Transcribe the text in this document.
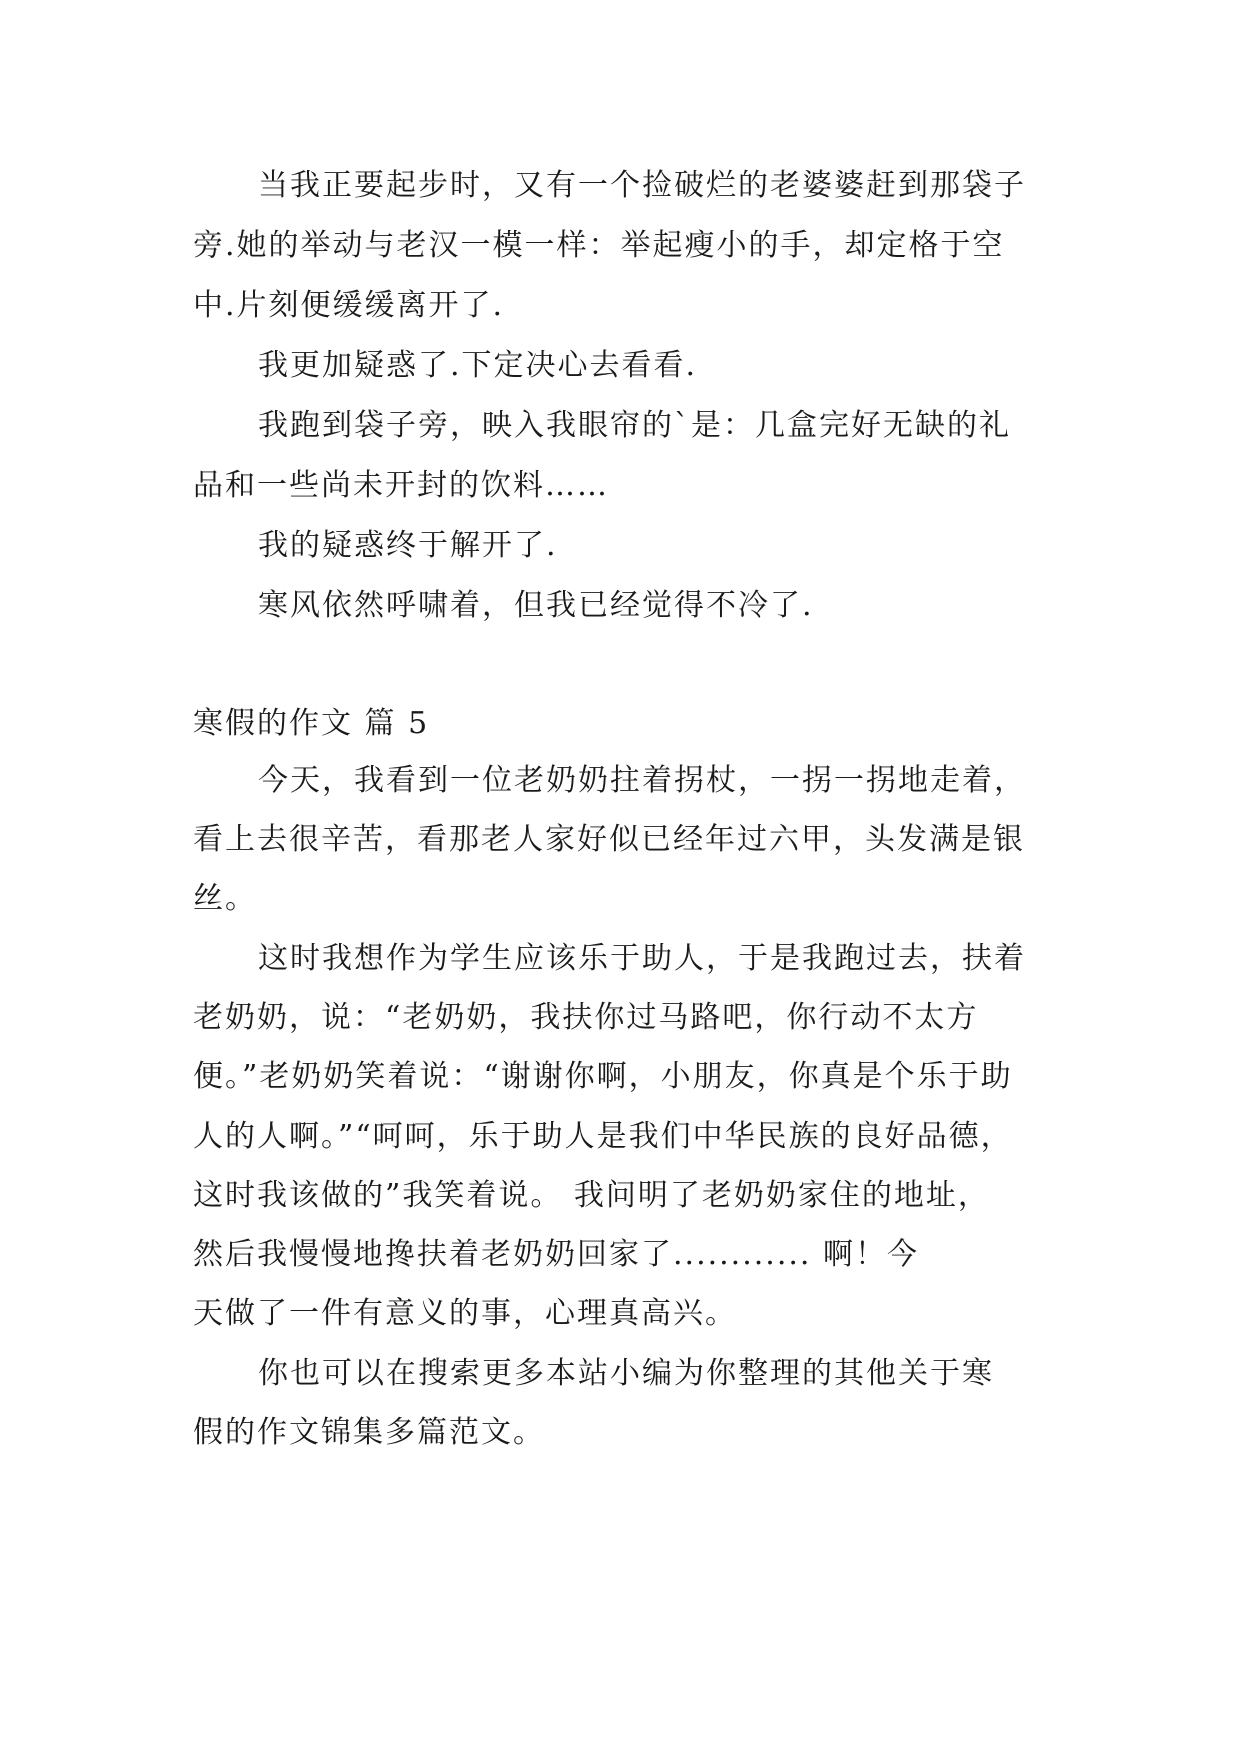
当我正要起步时，又有一个捡破烂的老婆婆赶到那袋子

旁.她的举动与老汉一模一样：举起瘦小的手，却定格于空

中.片刻便缓缓离开了.

我更加疑惑了.下定决心去看看.

我跑到袋子旁，映入我眼帘的`是：几盒完好无缺的礼

品和一些尚未开封的饮料……

我的疑惑终于解开了.

寒风依然呼啸着，但我已经觉得不冷了.

寒假的作文 篇 5

今天，我看到一位老奶奶拄着拐杖，一拐一拐地走着，

看上去很辛苦，看那老人家好似已经年过六甲，头发满是银

丝。

这时我想作为学生应该乐于助人，于是我跑过去，扶着

老奶奶，说：“老奶奶，我扶你过马路吧，你行动不太方

便。”老奶奶笑着说：“谢谢你啊，小朋友，你真是个乐于助

人的人啊。”“呵呵，乐于助人是我们中华民族的良好品德，

这时我该做的”我笑着说。 我问明了老奶奶家住的地址，

然后我慢慢地搀扶着老奶奶回家了............ 啊！今

天做了一件有意义的事，心理真高兴。

你也可以在搜索更多本站小编为你整理的其他关于寒

假的作文锦集多篇范文。
